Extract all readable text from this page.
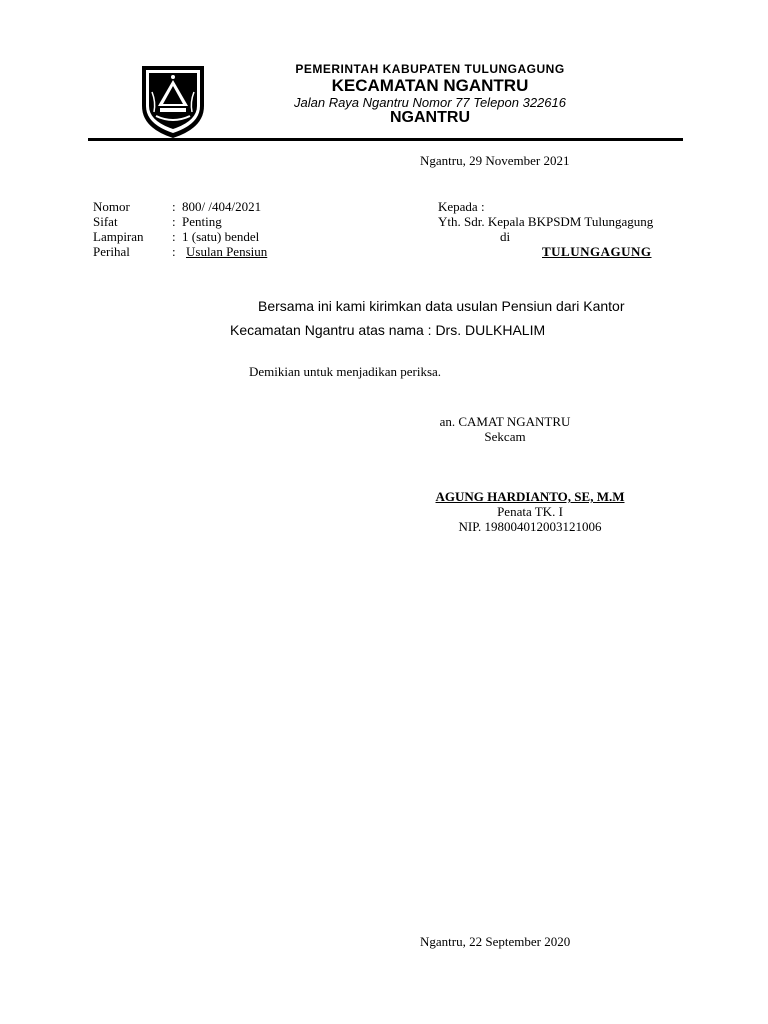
PEMERINTAH KABUPATEN TULUNGAGUNG
KECAMATAN NGANTRU
Jalan Raya Ngantru Nomor 77 Telepon 322616
NGANTRU
Ngantru, 29 November 2021
Nomor	: 800/ /404/2021
Sifat	: Penting
Lampiran : 1 (satu) bendel
Perihal	: Usulan Pensiun
Kepada :
Yth. Sdr. Kepala BKPSDM Tulungagung
di
TULUNGAGUNG
Bersama ini kami kirimkan data usulan Pensiun dari Kantor
Kecamatan Ngantru atas nama : Drs. DULKHALIM
Demikian untuk menjadikan periksa.
an. CAMAT NGANTRU
Sekcam
AGUNG HARDIANTO, SE, M.M
Penata TK. I
NIP. 198004012003121006
Ngantru, 22 September 2020
